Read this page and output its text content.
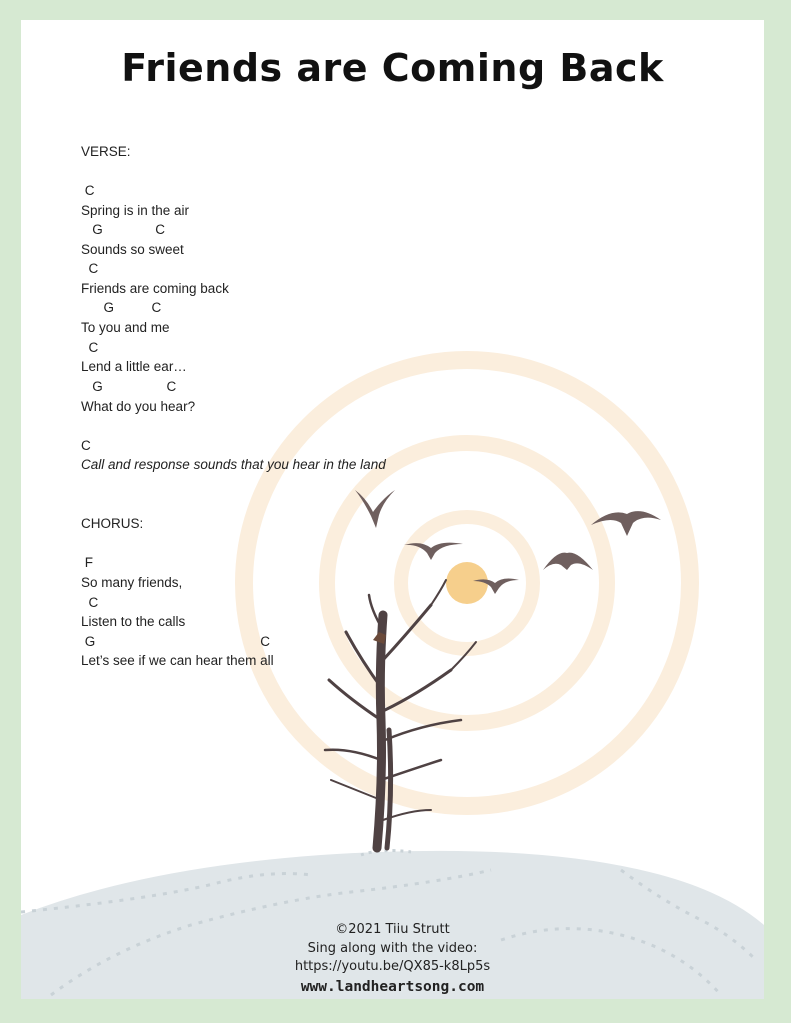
Friends are Coming Back
VERSE:
C
Spring is in the air
G              C
Sounds so sweet
C
Friends are coming back
G          C
To you and me
C
Lend a little ear…
G                 C
What do you hear?
C
Call and response sounds that you hear in the land
CHORUS:
F
So many friends,
C
Listen to the calls
G                                            C
Let’s see if we can hear them all
©2021 Tiiu Strutt
Sing along with the video:
https://youtu.be/QX85-k8Lp5s
www.landheartsong.com
